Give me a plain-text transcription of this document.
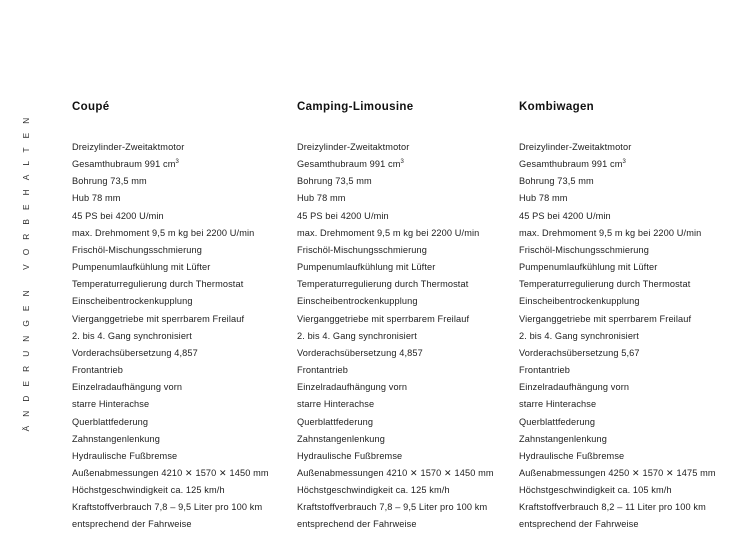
ÄNDERUNGEN VORBEHALTEN
Coupé
Dreizylinder-Zweitaktmotor
Gesamthubraum 991 $cm^3$
Bohrung 73,5 mm
Hub 78 mm
45 PS bei 4200 U/min
max. Drehmoment 9,5 m kg bei 2200 U/min
Frischöl-Mischungsschmierung
Pumpenumlaufkühlung mit Lüfter
Temperaturregulierung durch Thermostat
Einscheibentrockenkupplung
Vierganggetriebe mit sperrbarem Freilauf
2. bis 4. Gang synchronisiert
Vorderachsübersetzung 4,857
Frontantrieb
Einzelradaufhängung vorn
starre Hinterachse
Querblattfederung
Zahnstangenlenkung
Hydraulische Fußbremse
Außenabmessungen 4210 ✕ 1570 ✕ 1450 mm
Höchstgeschwindigkeit ca. 125 km/h
Kraftstoffverbrauch 7,8 – 9,5 Liter pro 100 km
entsprechend der Fahrweise
Camping-Limousine
Dreizylinder-Zweitaktmotor
Gesamthubraum 991 $cm^3$
Bohrung 73,5 mm
Hub 78 mm
45 PS bei 4200 U/min
max. Drehmoment 9,5 m kg bei 2200 U/min
Frischöl-Mischungsschmierung
Pumpenumlaufkühlung mit Lüfter
Temperaturregulierung durch Thermostat
Einscheibentrockenkupplung
Vierganggetriebe mit sperrbarem Freilauf
2. bis 4. Gang synchronisiert
Vorderachsübersetzung 4,857
Frontantrieb
Einzelradaufhängung vorn
starre Hinterachse
Querblattfederung
Zahnstangenlenkung
Hydraulische Fußbremse
Außenabmessungen 4210 ✕ 1570 ✕ 1450 mm
Höchstgeschwindigkeit ca. 125 km/h
Kraftstoffverbrauch 7,8 – 9,5 Liter pro 100 km
entsprechend der Fahrweise
Kombiwagen
Dreizylinder-Zweitaktmotor
Gesamthubraum 991 $cm^3$
Bohrung 73,5 mm
Hub 78 mm
45 PS bei 4200 U/min
max. Drehmoment 9,5 m kg bei 2200 U/min
Frischöl-Mischungsschmierung
Pumpenumlaufkühlung mit Lüfter
Temperaturregulierung durch Thermostat
Einscheibentrockenkupplung
Vierganggetriebe mit sperrbarem Freilauf
2. bis 4. Gang synchronisiert
Vorderachsübersetzung 5,67
Frontantrieb
Einzelradaufhängung vorn
starre Hinterachse
Querblattfederung
Zahnstangenlenkung
Hydraulische Fußbremse
Außenabmessungen 4250 ✕ 1570 ✕ 1475 mm
Höchstgeschwindigkeit ca. 105 km/h
Kraftstoffverbrauch 8,2 – 11 Liter pro 100 km
entsprechend der Fahrweise
